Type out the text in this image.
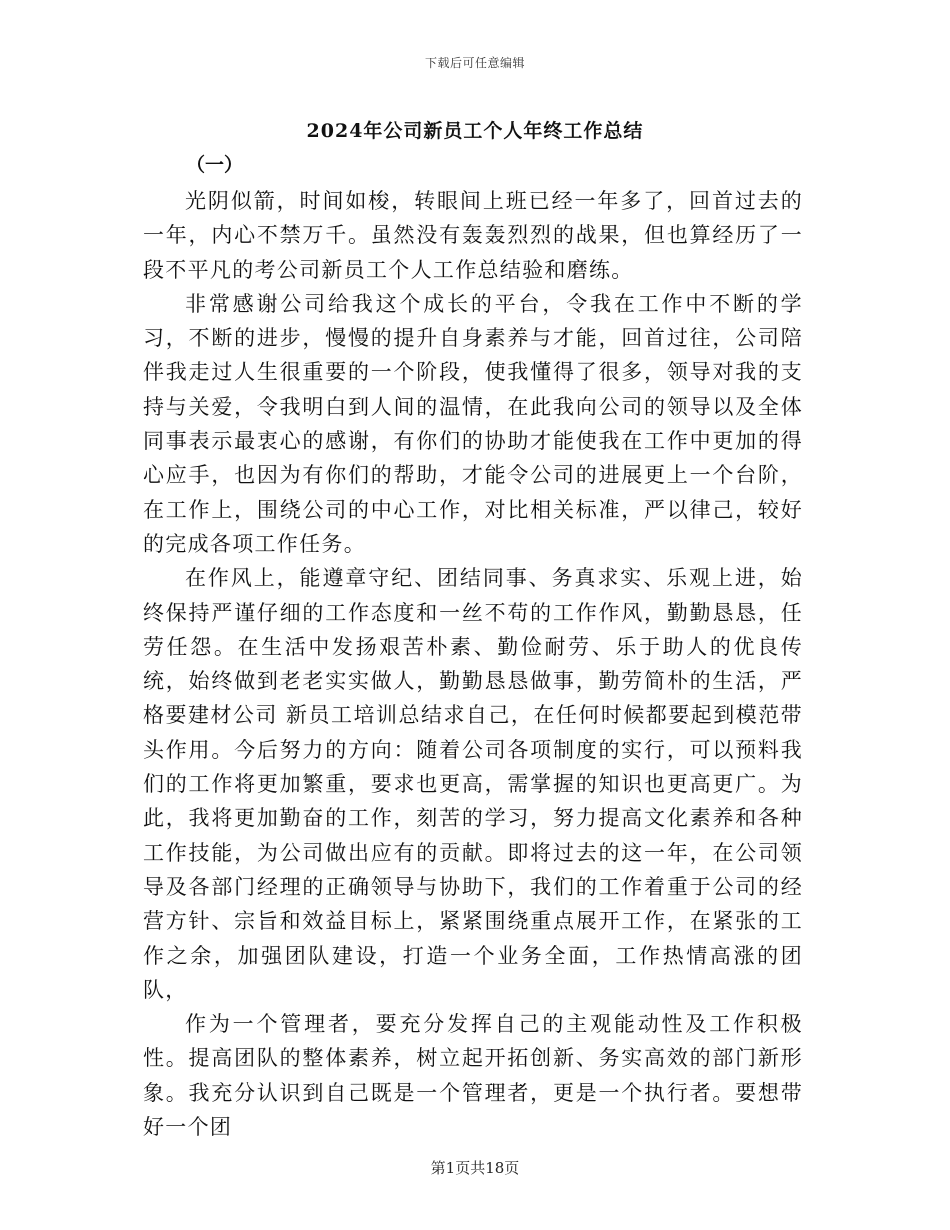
下载后可任意编辑
2024年公司新员工个人年终工作总结
（一）

光阴似箭，时间如梭，转眼间上班已经一年多了，回首过去的一年，内心不禁万千。虽然没有轰轰烈烈的战果，但也算经历了一段不平凡的考公司新员工个人工作总结验和磨练。

非常感谢公司给我这个成长的平台，令我在工作中不断的学习，不断的进步，慢慢的提升自身素养与才能，回首过往，公司陪伴我走过人生很重要的一个阶段，使我懂得了很多，领导对我的支持与关爱，令我明白到人间的温情，在此我向公司的领导以及全体同事表示最衷心的感谢，有你们的协助才能使我在工作中更加的得心应手，也因为有你们的帮助，才能令公司的进展更上一个台阶，在工作上，围绕公司的中心工作，对比相关标准，严以律己，较好的完成各项工作任务。

在作风上，能遵章守纪、团结同事、务真求实、乐观上进，始终保持严谨仔细的工作态度和一丝不苟的工作作风，勤勤恳恳，任劳任怨。在生活中发扬艰苦朴素、勤俭耐劳、乐于助人的优良传统，始终做到老老实实做人，勤勤恳恳做事，勤劳简朴的生活，严格要建材公司 新员工培训总结求自己，在任何时候都要起到模范带头作用。今后努力的方向：随着公司各项制度的实行，可以预料我们的工作将更加繁重，要求也更高，需掌握的知识也更高更广。为此，我将更加勤奋的工作，刻苦的学习，努力提高文化素养和各种工作技能，为公司做出应有的贡献。即将过去的这一年，在公司领导及各部门经理的正确领导与协助下，我们的工作着重于公司的经营方针、宗旨和效益目标上，紧紧围绕重点展开工作，在紧张的工作之余，加强团队建设，打造一个业务全面，工作热情高涨的团队，

作为一个管理者，要充分发挥自己的主观能动性及工作积极性。提高团队的整体素养，树立起开拓创新、务实高效的部门新形象。我充分认识到自己既是一个管理者，更是一个执行者。要想带好一个团

第1页共18页
